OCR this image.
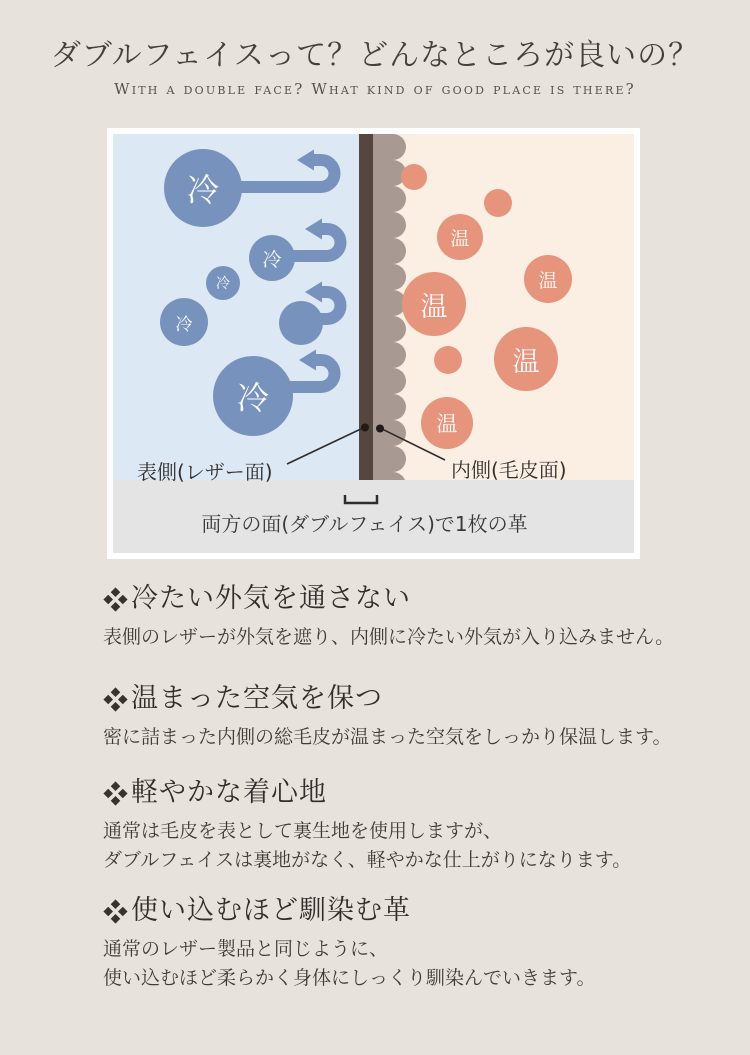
ダブルフェイスって？どんなところが良いの？
With a double face? What kind of good place is there?
冷
冷
冷
冷
冷
温
温
温
温
温
表側(レザー面)	内側(毛皮面)
両方の面(ダブルフェイス)で1枚の革
冷たい外気を通さない
表側のレザーが外気を遮り、内側に冷たい外気が入り込みません。
温まった空気を保つ
密に詰まった内側の総毛皮が温まった空気をしっかり保温します。
軽やかな着心地
通常は毛皮を表として裏生地を使用しますが、
ダブルフェイスは裏地がなく、軽やかな仕上がりになります。
使い込むほど馴染む革
通常のレザー製品と同じように、
使い込むほど柔らかく身体にしっくり馴染んでいきます。
